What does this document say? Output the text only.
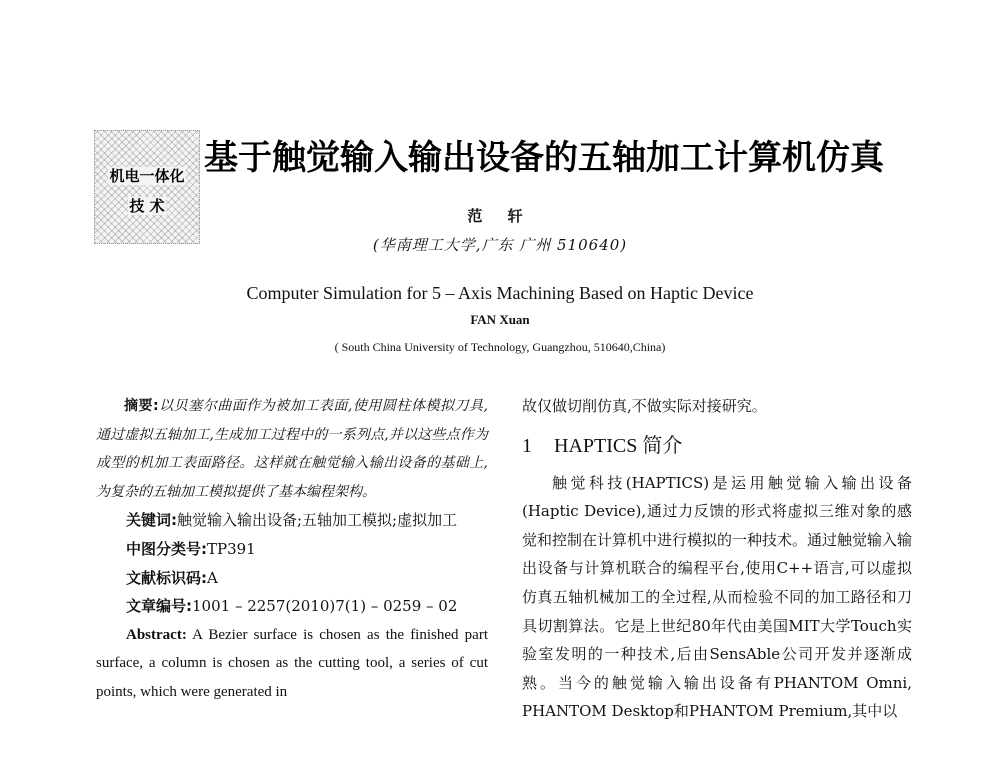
机电一体化
技 术
基于触觉输入输出设备的五轴加工计算机仿真
范 轩
(华南理工大学,广东 广州 510640)
Computer Simulation for 5 – Axis Machining Based on Haptic Device
FAN Xuan
( South China University of Technology, Guangzhou, 510640,China)

摘要:以贝塞尔曲面作为被加工表面,使用圆柱体模拟刀具,通过虚拟五轴加工,生成加工过程中的一系列点,并以这些点作为成型的机加工表面路径。这样就在触觉输入输出设备的基础上,为复杂的五轴加工模拟提供了基本编程架构。

关键词:触觉输入输出设备;五轴加工模拟;虚拟加工

中图分类号:TP391

文献标识码:A

文章编号:1001 – 2257(2010)7(1) – 0259 – 02

Abstract: A Bezier surface is chosen as the finished part surface, a column is chosen as the cutting tool, a series of cut points, which were generated in

故仅做切削仿真,不做实际对接研究。

1 HAPTICS 简介

触觉科技(HAPTICS)是运用触觉输入输出设备(Haptic Device),通过力反馈的形式将虚拟三维对象的感觉和控制在计算机中进行模拟的一种技术。通过触觉输入输出设备与计算机联合的编程平台,使用C++语言,可以虚拟仿真五轴机械加工的全过程,从而检验不同的加工路径和刀具切割算法。它是上世纪80年代由美国MIT大学Touch实验室发明的一种技术,后由SensAble公司开发并逐渐成熟。当今的触觉输入输出设备有PHANTOM Omni, PHANTOM Desktop和PHANTOM Premium,其中以
